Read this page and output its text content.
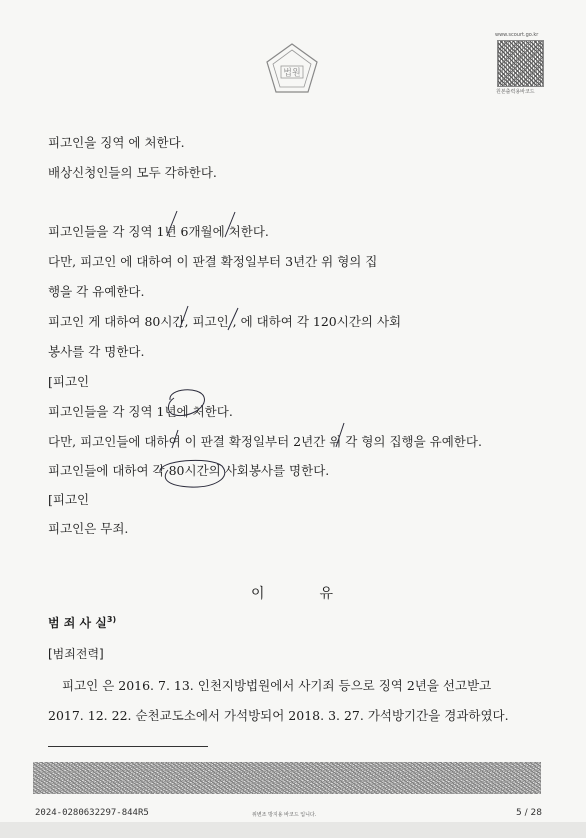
법원
www.scourt.go.kr
원본출력용바코드
피고인을 징역 에 처한다.
배상신청인들의 모두 각하한다.
피고인들을 각 징역 1년 6개월에 처한다.
다만, 피고인 에 대하여 이 판결 확정일부터 3년간 위 형의 집
행을 각 유예한다.
피고인 게 대하여 80시간, 피고인 , 에 대하여 각 120시간의 사회
봉사를 각 명한다.
[피고인
피고인들을 각 징역 1년에 처한다.
다만, 피고인들에 대하여 이 판결 확정일부터 2년간 위 각 형의 집행을 유예한다.
피고인들에 대하여 각 80시간의 사회봉사를 명한다.
[피고인
피고인은 무죄.
이	유
범 죄 사 실$^{3)}$
[범죄전력]
피고인 은 2016. 7. 13. 인천지방법원에서 사기죄 등으로 징역 2년을 선고받고
2017. 12. 22. 순천교도소에서 가석방되어 2018. 3. 27. 가석방기간을 경과하였다.
2024-0280632297-844R5	위변조 방지용 바코드 입니다.	5 / 28
